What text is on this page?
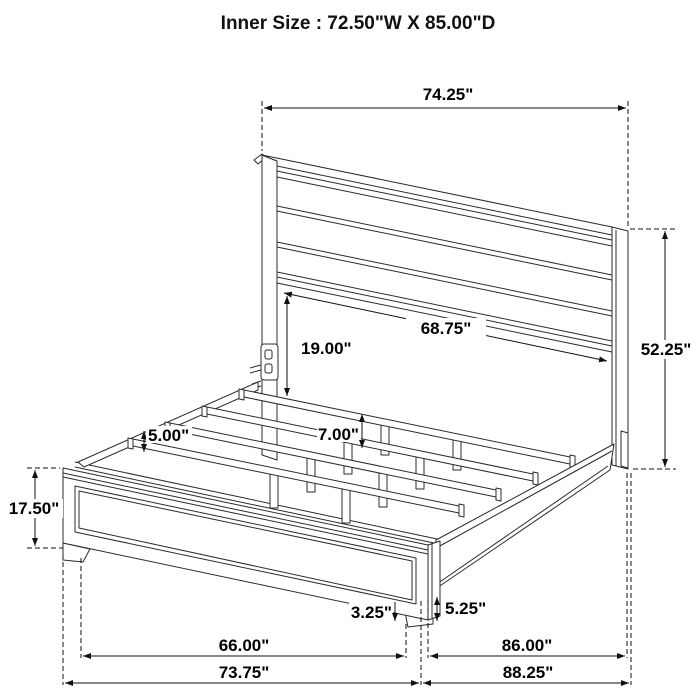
Inner Size : 72.50"W X 85.00"D
74.25"
52.25"
68.75"
19.00"
5.00"	7.00"
17.50"
3.25"	5.25"
66.00"	86.00"
73.75"	88.25"
